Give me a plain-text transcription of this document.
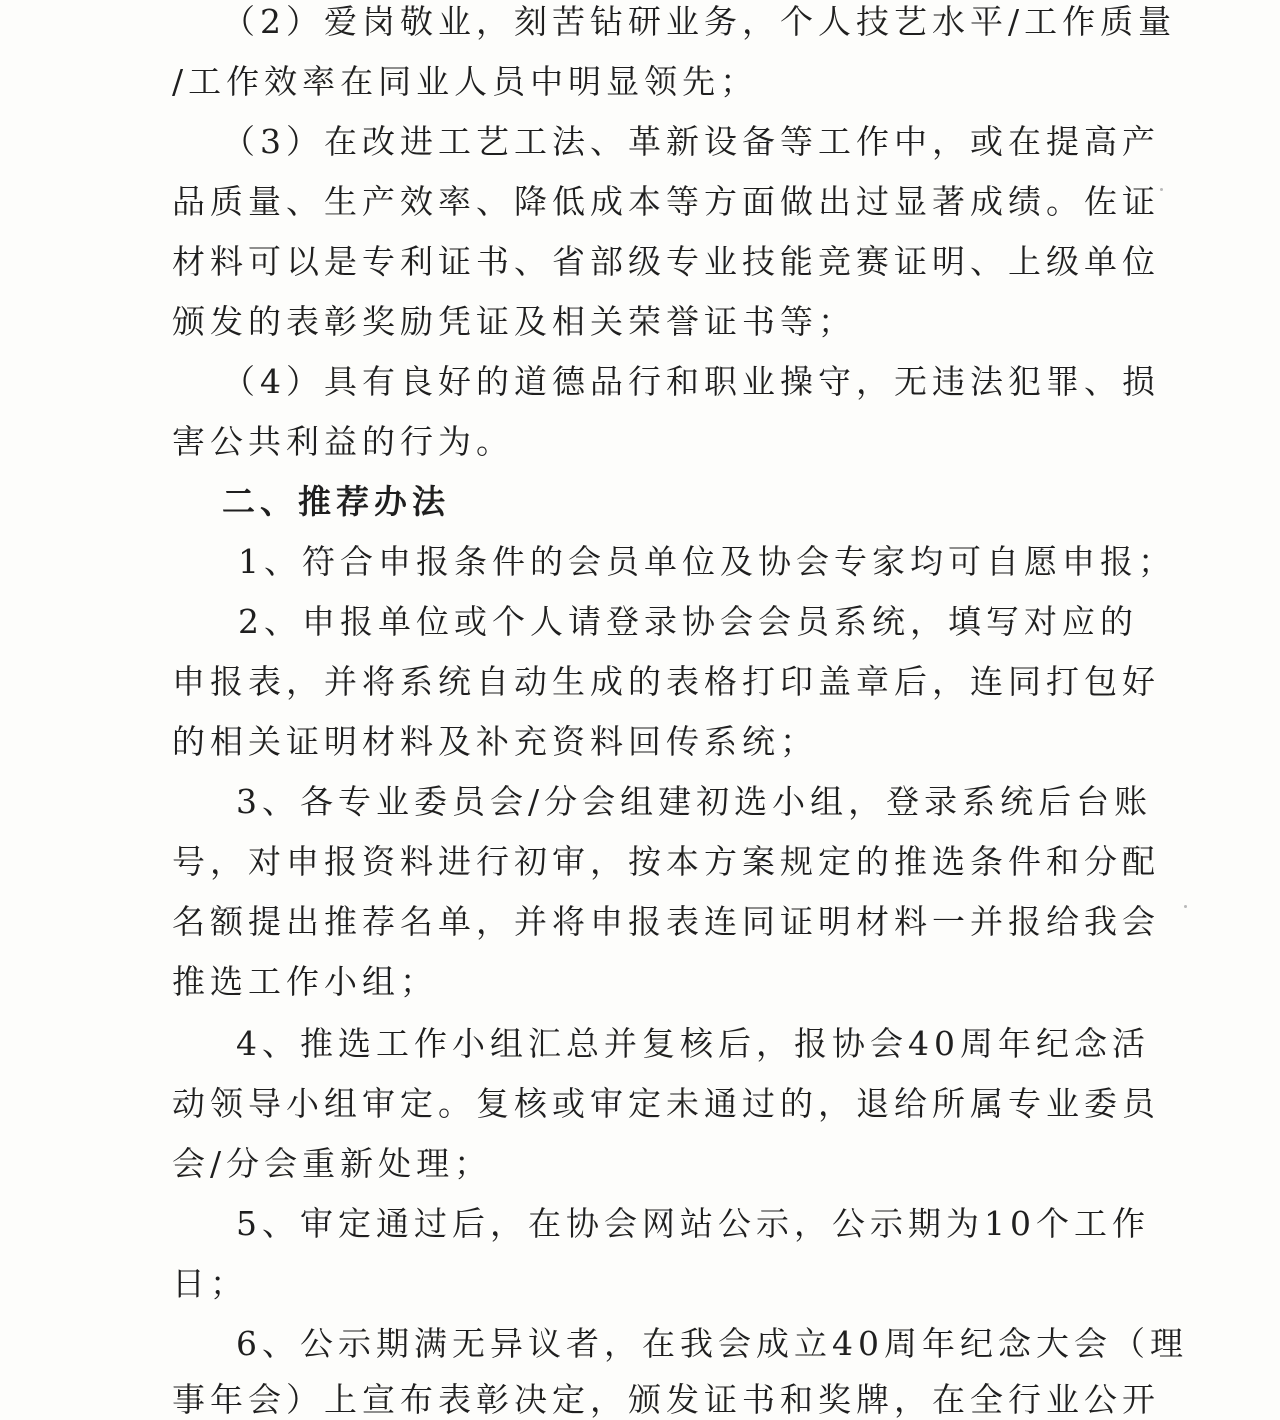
（2）爱岗敬业，刻苦钻研业务，个人技艺水平/工作质量
/工作效率在同业人员中明显领先；
（3）在改进工艺工法、革新设备等工作中，或在提高产
品质量、生产效率、降低成本等方面做出过显著成绩。佐证
材料可以是专利证书、省部级专业技能竞赛证明、上级单位
颁发的表彰奖励凭证及相关荣誉证书等；
（4）具有良好的道德品行和职业操守，无违法犯罪、损
害公共利益的行为。
二、推荐办法
1、符合申报条件的会员单位及协会专家均可自愿申报；
2、申报单位或个人请登录协会会员系统，填写对应的
申报表，并将系统自动生成的表格打印盖章后，连同打包好
的相关证明材料及补充资料回传系统；
3、各专业委员会/分会组建初选小组，登录系统后台账
号，对申报资料进行初审，按本方案规定的推选条件和分配
名额提出推荐名单，并将申报表连同证明材料一并报给我会
推选工作小组；
4、推选工作小组汇总并复核后，报协会40周年纪念活
动领导小组审定。复核或审定未通过的，退给所属专业委员
会/分会重新处理；
5、审定通过后，在协会网站公示，公示期为10个工作
日；
6、公示期满无异议者，在我会成立40周年纪念大会（理
事年会）上宣布表彰决定，颁发证书和奖牌，在全行业公开
